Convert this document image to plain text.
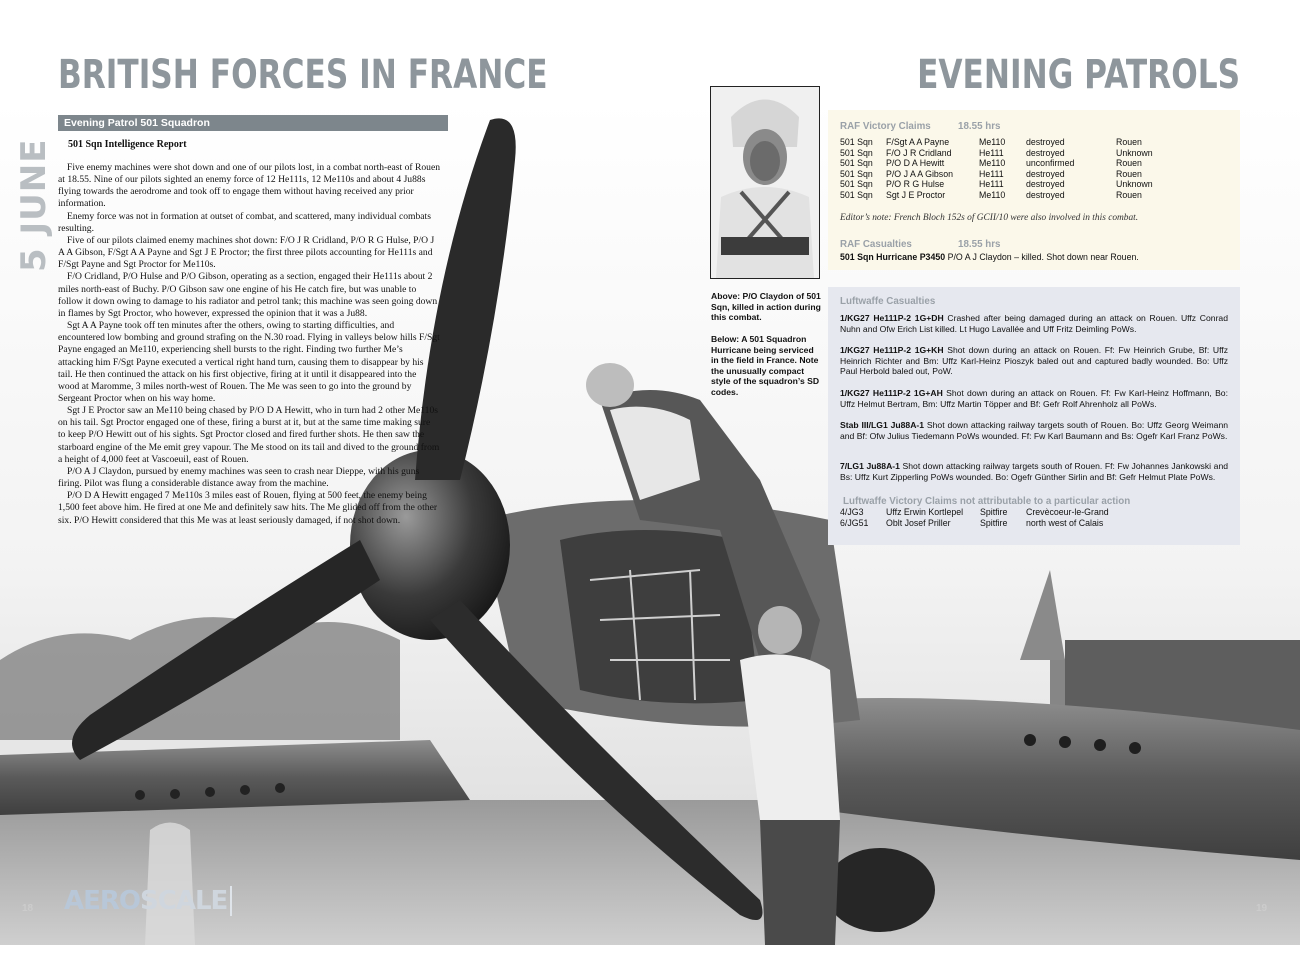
BRITISH FORCES IN FRANCE	EVENING PATROLS
5 JUNE
Evening Patrol 501 Squadron
501 Sqn Intelligence Report

Five enemy machines were shot down and one of our pilots lost, in a combat north-east of Rouen at 18.55. Nine of our pilots sighted an enemy force of 12 He111s, 12 Me110s and about 4 Ju88s flying towards the aerodrome and took off to engage them without having received any prior information.

Enemy force was not in formation at outset of combat, and scattered, many individual combats resulting.

Five of our pilots claimed enemy machines shot down: F/O J R Cridland, P/O R G Hulse, P/O J A A Gibson, F/Sgt A A Payne and Sgt J E Proctor; the first three pilots accounting for He111s and F/Sgt Payne and Sgt Proctor for Me110s.

F/O Cridland, P/O Hulse and P/O Gibson, operating as a section, engaged their He111s about 2 miles north-east of Buchy. P/O Gibson saw one engine of his He catch fire, but was unable to follow it down owing to damage to his radiator and petrol tank; this machine was seen going down in flames by Sgt Proctor, who however, expressed the opinion that it was a Ju88.

Sgt A A Payne took off ten minutes after the others, owing to starting difficulties, and encountered low bombing and ground strafing on the N.30 road. Flying in valleys below hills F/Sgt Payne engaged an Me110, experiencing shell bursts to the right. Finding two further Me’s attacking him F/Sgt Payne executed a vertical right hand turn, causing them to disappear by his tail. He then continued the attack on his first objective, firing at it until it disappeared into the wood at Maromme, 3 miles north-west of Rouen. The Me was seen to go into the ground by Sergeant Proctor when on his way home.

Sgt J E Proctor saw an Me110 being chased by P/O D A Hewitt, who in turn had 2 other Me110s on his tail. Sgt Proctor engaged one of these, firing a burst at it, but at the same time making sure to keep P/O Hewitt out of his sights. Sgt Proctor closed and fired further shots. He then saw the starboard engine of the Me emit grey vapour. The Me stood on its tail and dived to the ground from a height of 4,000 feet at Vascoeuil, east of Rouen.

P/O A J Claydon, pursued by enemy machines was seen to crash near Dieppe, with his guns firing. Pilot was flung a considerable distance away from the machine.

P/O D A Hewitt engaged 7 Me110s 3 miles east of Rouen, flying at 500 feet, the enemy being 1,500 feet above him. He fired at one Me and definitely saw hits. The Me glided off from the other six. P/O Hewitt considered that this Me was at least seriously damaged, if not shot down.

Above: P/O Claydon of 501 Sqn, killed in action during this combat.
Below: A 501 Squadron Hurricane being serviced in the field in France. Note the unusually compact style of the squadron’s SD codes.
RAF Victory Claims	18.55 hrs
501 Sqn F/Sgt A A Payne	Me110 destroyed	Rouen
501 Sqn F/O J R Cridland	He111	destroyed	Unknown
501 Sqn P/O D A Hewitt	Me110 unconfirmed	Rouen
501 Sqn P/O J A A Gibson	He111	destroyed	Rouen
501 Sqn P/O R G Hulse	He111	destroyed	Unknown
501 Sqn Sgt J E Proctor	Me110 destroyed	Rouen
Editor’s note: French Bloch 152s of GCII/10 were also involved in this combat.
RAF Casualties	18.55 hrs
501 Sqn Hurricane P3450 P/O A J Claydon – killed. Shot down near Rouen.
Luftwaffe Casualties
1/KG27 He111P-2 1G+DH Crashed after being damaged during an attack on Rouen. Uffz Conrad Nuhn and Ofw Erich List killed. Lt Hugo Lavallée and Uff Fritz Deimling PoWs.
1/KG27 He111P-2 1G+KH Shot down during an attack on Rouen. Ff: Fw Heinrich Grube, Bf: Uffz Heinrich Richter and Bm: Uffz Karl-Heinz Pioszyk baled out and captured badly wounded. Bo: Uffz Paul Herbold baled out, PoW.
1/KG27 He111P-2 1G+AH Shot down during an attack on Rouen. Ff: Fw Karl-Heinz Hoffmann, Bo: Uffz Helmut Bertram, Bm: Uffz Martin Töpper and Bf: Gefr Rolf Ahrenholz all PoWs.
Stab III/LG1 Ju88A-1 Shot down attacking railway targets south of Rouen. Bo: Uffz Georg Weimann and Bf: Ofw Julius Tiedemann PoWs wounded. Ff: Fw Karl Baumann and Bs: Ogefr Karl Franz PoWs.
7/LG1 Ju88A-1 Shot down attacking railway targets south of Rouen. Ff: Fw Johannes Jankowski and Bs: Uffz Kurt Zipperling PoWs wounded. Bo: Ogefr Günther Sirlin and Bf: Gefr Helmut Plate PoWs.
Luftwaffe Victory Claims not attributable to a particular action
4/JG3	Uffz Erwin Kortlepel Spitfire Crevècoeur-le-Grand
6/JG51 Oblt Josef Priller	Spitfire north west of Calais
AEROSCALE
18	19
